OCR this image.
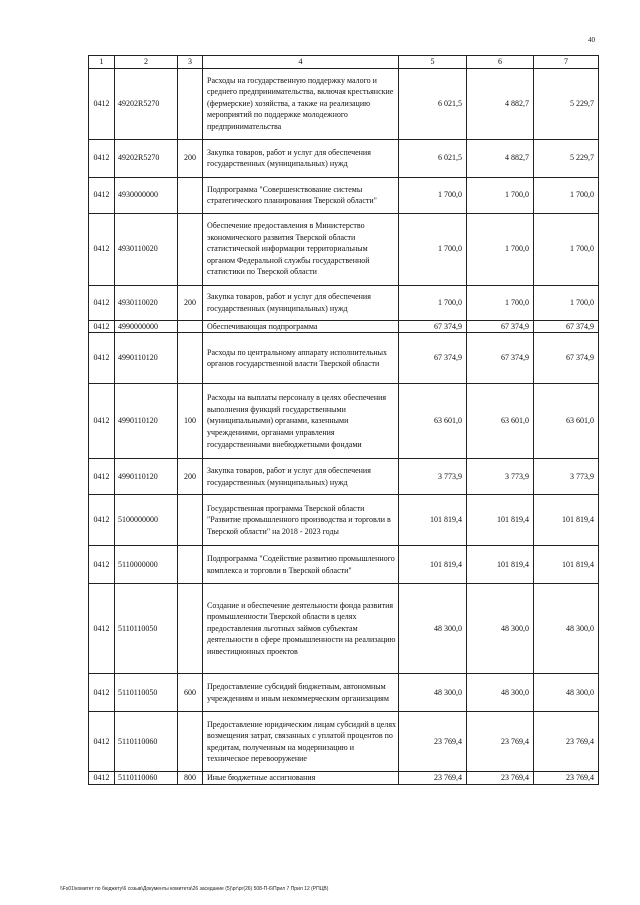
40
1	2	3	4	5	6	7
0412	49202R5270		Расходы на государственную поддержку малого и среднего предпринимательства, включая крестьянские (фермерские) хозяйства, а также на реализацию мероприятий по поддержке молодежного предпринимательства	6 021,5	4 882,7	5 229,7
0412	49202R5270	200	Закупка товаров, работ и услуг для обеспечения государственных (муниципальных) нужд	6 021,5	4 882,7	5 229,7
0412	4930000000		Подпрограмма "Совершенствование системы стратегического планирования Тверской области"	1 700,0	1 700,0	1 700,0
0412	4930110020		Обеспечение предоставления в Министерство экономического развития Тверской области статистической информации территориальным органом Федеральной службы государственной статистики по Тверской области	1 700,0	1 700,0	1 700,0
0412	4930110020	200	Закупка товаров, работ и услуг для обеспечения государственных (муниципальных) нужд	1 700,0	1 700,0	1 700,0
0412	4990000000		Обеспечивающая подпрограмма	67 374,9	67 374,9	67 374,9
0412	4990110120		Расходы по центральному аппарату исполнительных органов государственной власти Тверской области	67 374,9	67 374,9	67 374,9
0412	4990110120	100	Расходы на выплаты персоналу в целях обеспечения выполнения функций государственными (муниципальными) органами, казенными учреждениями, органами управления государственными внебюджетными фондами	63 601,0	63 601,0	63 601,0
0412	4990110120	200	Закупка товаров, работ и услуг для обеспечения государственных (муниципальных) нужд	3 773,9	3 773,9	3 773,9
0412	5100000000		Государственная программа Тверской области "Развитие промышленного производства и торговли в Тверской области" на 2018 - 2023 годы	101 819,4	101 819,4	101 819,4
0412	5110000000		Подпрограмма "Содействие развитию промышленного комплекса и торговли в Тверской области"	101 819,4	101 819,4	101 819,4
0412	5110110050		Создание и обеспечение деятельности фонда развития промышленности Тверской области в целях предоставления льготных займов субъектам деятельности в сфере промышленности на реализацию инвестиционных проектов	48 300,0	48 300,0	48 300,0
0412	5110110050	600	Предоставление субсидий бюджетным, автономным учреждениям и иным некоммерческим организациям	48 300,0	48 300,0	48 300,0
0412	5110110060		Предоставление юридическим лицам субсидий в целях возмещения затрат, связанных с уплатой процентов по кредитам, полученным на модернизацию и техническое перевооружение	23 769,4	23 769,4	23 769,4
0412	5110110060	800	Иные бюджетные ассигнования	23 769,4	23 769,4	23 769,4
\\Fs01\комитет по бюджету\6 созыв\Документы комитета\26 заседание (5)\рг\рг(26) 508-П-6\Прил 7 Прил 12 (РПЦВ)
